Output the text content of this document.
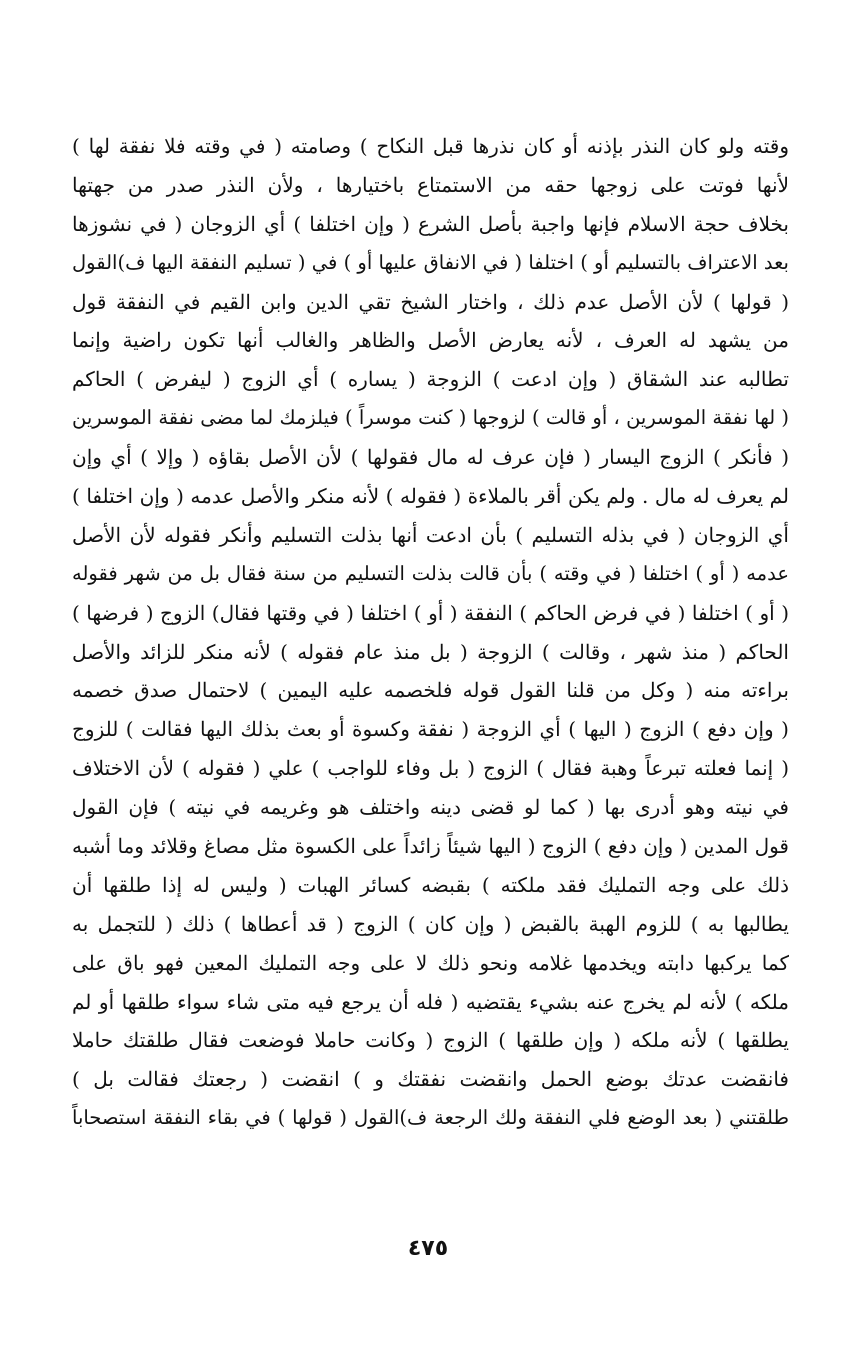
وقته ولو كان النذر بإذنه أو كان نذرها قبل النكاح ) وصامته ( في وقته فلا نفقة لها )
لأنها فوتت على زوجها حقه من الاستمتاع باختيارها ، ولأن النذر صدر من جهتها
بخلاف حجة الاسلام فإنها واجبة بأصل الشرع ( وإن اختلفا ) أي الزوجان ( في نشوزها
بعد الاعتراف بالتسليم أو ) اختلفا ( في الانفاق عليها أو ) في ( تسليم النفقة اليها ف)القول
( قولها ) لأن الأصل عدم ذلك ، واختار الشيخ تقي الدين وابن القيم في النفقة قول
من يشهد له العرف ، لأنه يعارض الأصل والظاهر والغالب أنها تكون راضية وإنما
تطالبه عند الشقاق ( وإن ادعت ) الزوجة ( يساره ) أي الزوج ( ليفرض ) الحاكم
( لها نفقة الموسرين ، أو قالت ) لزوجها ( كنت موسراً ) فيلزمك لما مضى نفقة الموسرين
( فأنكر ) الزوج اليسار ( فإن عرف له مال فقولها ) لأن الأصل بقاؤه ( وإلا ) أي وإن
لم يعرف له مال . ولم يكن أقر بالملاءة ( فقوله ) لأنه منكر والأصل عدمه ( وإن اختلفا )
أي الزوجان ( في بذله التسليم ) بأن ادعت أنها بذلت التسليم وأنكر فقوله لأن الأصل
عدمه ( أو ) اختلفا ( في وقته ) بأن قالت بذلت التسليم من سنة فقال بل من شهر فقوله
( أو ) اختلفا ( في فرض الحاكم ) النفقة ( أو ) اختلفا ( في وقتها فقال) الزوج ( فرضها )
الحاكم ( منذ شهر ، وقالت ) الزوجة ( بل منذ عام فقوله ) لأنه منكر للزائد والأصل
براءته منه ( وكل من قلنا القول قوله فلخصمه عليه اليمين ) لاحتمال صدق خصمه
( وإن دفع ) الزوج ( اليها ) أي الزوجة ( نفقة وكسوة أو بعث بذلك اليها فقالت ) للزوج
( إنما فعلته تبرعاً وهبة فقال ) الزوج ( بل وفاء للواجب ) علي ( فقوله ) لأن الاختلاف
في نيته وهو أدرى بها ( كما لو قضى دينه واختلف هو وغريمه في نيته ) فإن القول
قول المدين ( وإن دفع ) الزوج ( اليها شيئاً زائداً على الكسوة مثل مصاغ وقلائد وما أشبه
ذلك على وجه التمليك فقد ملكته ) بقبضه كسائر الهبات ( وليس له إذا طلقها أن
يطالبها به ) للزوم الهبة بالقبض ( وإن كان ) الزوج ( قد أعطاها ) ذلك ( للتجمل به
كما يركبها دابته ويخدمها غلامه ونحو ذلك لا على وجه التمليك المعين فهو باق على
ملكه ) لأنه لم يخرج عنه بشيء يقتضيه ( فله أن يرجع فيه متى شاء سواء طلقها أو لم
يطلقها ) لأنه ملكه ( وإن طلقها ) الزوج ( وكانت حاملا فوضعت فقال طلقتك حاملا
فانقضت عدتك بوضع الحمل وانقضت نفقتك و ) انقضت ( رجعتك فقالت بل )
طلقتني ( بعد الوضع فلي النفقة ولك الرجعة ف)القول ( قولها ) في بقاء النفقة استصحاباً
٤٧٥
